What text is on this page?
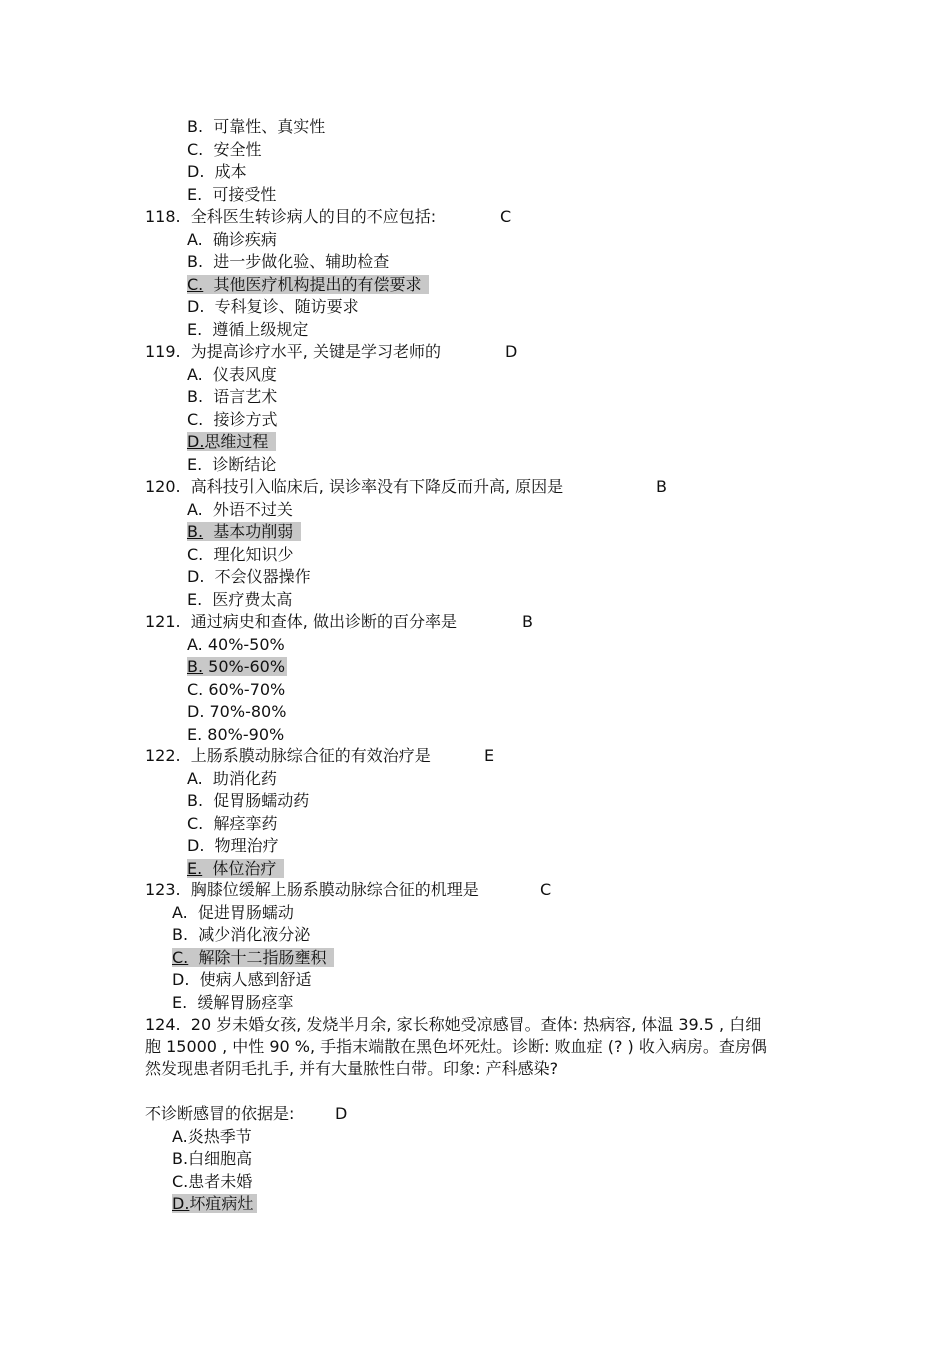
B. 可靠性、真实性
C. 安全性
D. 成本
E. 可接受性
118. 全科医生转诊病人的目的不应包括:	C
A. 确诊疾病
B. 进一步做化验、辅助检查
C. 其他医疗机构提出的有偿要求
D. 专科复诊、随访要求
E. 遵循上级规定
119. 为提高诊疗水平, 关键是学习老师的	D
A. 仪表风度
B. 语言艺术
C. 接诊方式
D.思维过程
E. 诊断结论
120. 高科技引入临床后, 误诊率没有下降反而升高, 原因是	B
A. 外语不过关
B. 基本功削弱
C. 理化知识少
D. 不会仪器操作
E. 医疗费太高
121. 通过病史和查体, 做出诊断的百分率是	B
A. 40%-50%
B. 50%-60%
C. 60%-70%
D. 70%-80%
E. 80%-90%
122. 上肠系膜动脉综合征的有效治疗是	E
A. 助消化药
B. 促胃肠蠕动药
C. 解痉挛药
D. 物理治疗
E. 体位治疗
123. 胸膝位缓解上肠系膜动脉综合征的机理是	C
A. 促进胃肠蠕动
B. 减少消化液分泌
C. 解除十二指肠壅积
D. 使病人感到舒适
E. 缓解胃肠痉挛
124. 20 岁未婚女孩, 发烧半月余, 家长称她受凉感冒。查体: 热病容, 体温 39.5 , 白细胞 15000 , 中性 90 %, 手指末端散在黑色坏死灶。诊断: 败血症 (? ) 收入病房。查房偶然发现患者阴毛扎手, 并有大量脓性白带。印象: 产科感染?
不诊断感冒的依据是:	D
A.炎热季节
B.白细胞高
C.患者未婚
D.坏疽病灶
